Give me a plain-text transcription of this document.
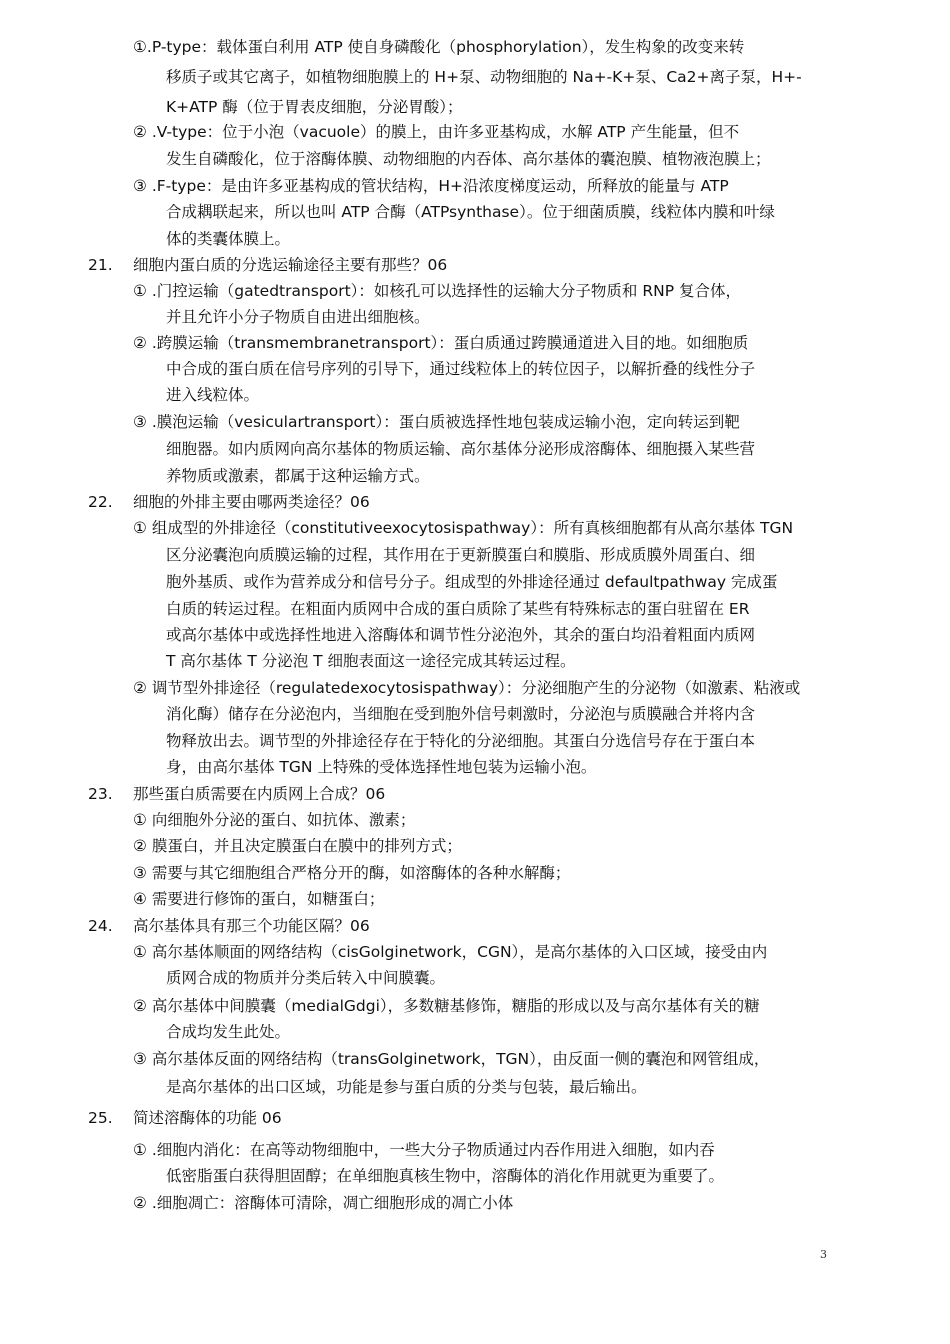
①.P-type：载体蛋白利用 ATP 使自身磷酸化（phosphorylation），发生构象的改变来转
移质子或其它离子，如植物细胞膜上的 H+泵、动物细胞的 Na+-K+泵、Ca2+离子泵，H+-
K+ATP 酶（位于胃表皮细胞，分泌胃酸）；
② .V-type：位于小泡（vacuole）的膜上，由许多亚基构成，水解 ATP 产生能量，但不
发生自磷酸化，位于溶酶体膜、动物细胞的内吞体、高尔基体的囊泡膜、植物液泡膜上；
③ .F-type：是由许多亚基构成的管状结构，H+沿浓度梯度运动，所释放的能量与 ATP
合成耦联起来，所以也叫 ATP 合酶（ATPsynthase）。位于细菌质膜，线粒体内膜和叶绿
体的类囊体膜上。
21. 细胞内蛋白质的分选运输途径主要有那些？06
① .门控运输（gatedtransport）：如核孔可以选择性的运输大分子物质和 RNP 复合体，
并且允许小分子物质自由进出细胞核。
② .跨膜运输（transmembranetransport）：蛋白质通过跨膜通道进入目的地。如细胞质
中合成的蛋白质在信号序列的引导下，通过线粒体上的转位因子，以解折叠的线性分子
进入线粒体。
③ .膜泡运输（vesiculartransport）：蛋白质被选择性地包装成运输小泡，定向转运到靶
细胞器。如内质网向高尔基体的物质运输、高尔基体分泌形成溶酶体、细胞摄入某些营
养物质或激素，都属于这种运输方式。
22. 细胞的外排主要由哪两类途径？06
① 组成型的外排途径（constitutiveexocytosispathway）：所有真核细胞都有从高尔基体 TGN
区分泌囊泡向质膜运输的过程，其作用在于更新膜蛋白和膜脂、形成质膜外周蛋白、细
胞外基质、或作为营养成分和信号分子。组成型的外排途径通过 defaultpathway 完成蛋
白质的转运过程。在粗面内质网中合成的蛋白质除了某些有特殊标志的蛋白驻留在 ER
或高尔基体中或选择性地进入溶酶体和调节性分泌泡外，其余的蛋白均沿着粗面内质网
T 高尔基体 T 分泌泡 T 细胞表面这一途径完成其转运过程。
② 调节型外排途径（regulatedexocytosispathway）：分泌细胞产生的分泌物（如激素、粘液或
消化酶）储存在分泌泡内，当细胞在受到胞外信号刺激时，分泌泡与质膜融合并将内含
物释放出去。调节型的外排途径存在于特化的分泌细胞。其蛋白分选信号存在于蛋白本
身，由高尔基体 TGN 上特殊的受体选择性地包装为运输小泡。
23. 那些蛋白质需要在内质网上合成？06
① 向细胞外分泌的蛋白、如抗体、激素；
② 膜蛋白，并且决定膜蛋白在膜中的排列方式；
③ 需要与其它细胞组合严格分开的酶，如溶酶体的各种水解酶；
④ 需要进行修饰的蛋白，如糖蛋白；
24. 高尔基体具有那三个功能区隔？06
① 高尔基体顺面的网络结构（cisGolginetwork，CGN），是高尔基体的入口区域，接受由内
质网合成的物质并分类后转入中间膜囊。
② 高尔基体中间膜囊（medialGdgi），多数糖基修饰，糖脂的形成以及与高尔基体有关的糖
合成均发生此处。
③ 高尔基体反面的网络结构（transGolginetwork，TGN），由反面一侧的囊泡和网管组成，
是高尔基体的出口区域，功能是参与蛋白质的分类与包装，最后输出。
25. 简述溶酶体的功能 06
① .细胞内消化：在高等动物细胞中，一些大分子物质通过内吞作用进入细胞，如内吞
低密脂蛋白获得胆固醇；在单细胞真核生物中，溶酶体的消化作用就更为重要了。
② .细胞凋亡：溶酶体可清除，凋亡细胞形成的凋亡小体
3
